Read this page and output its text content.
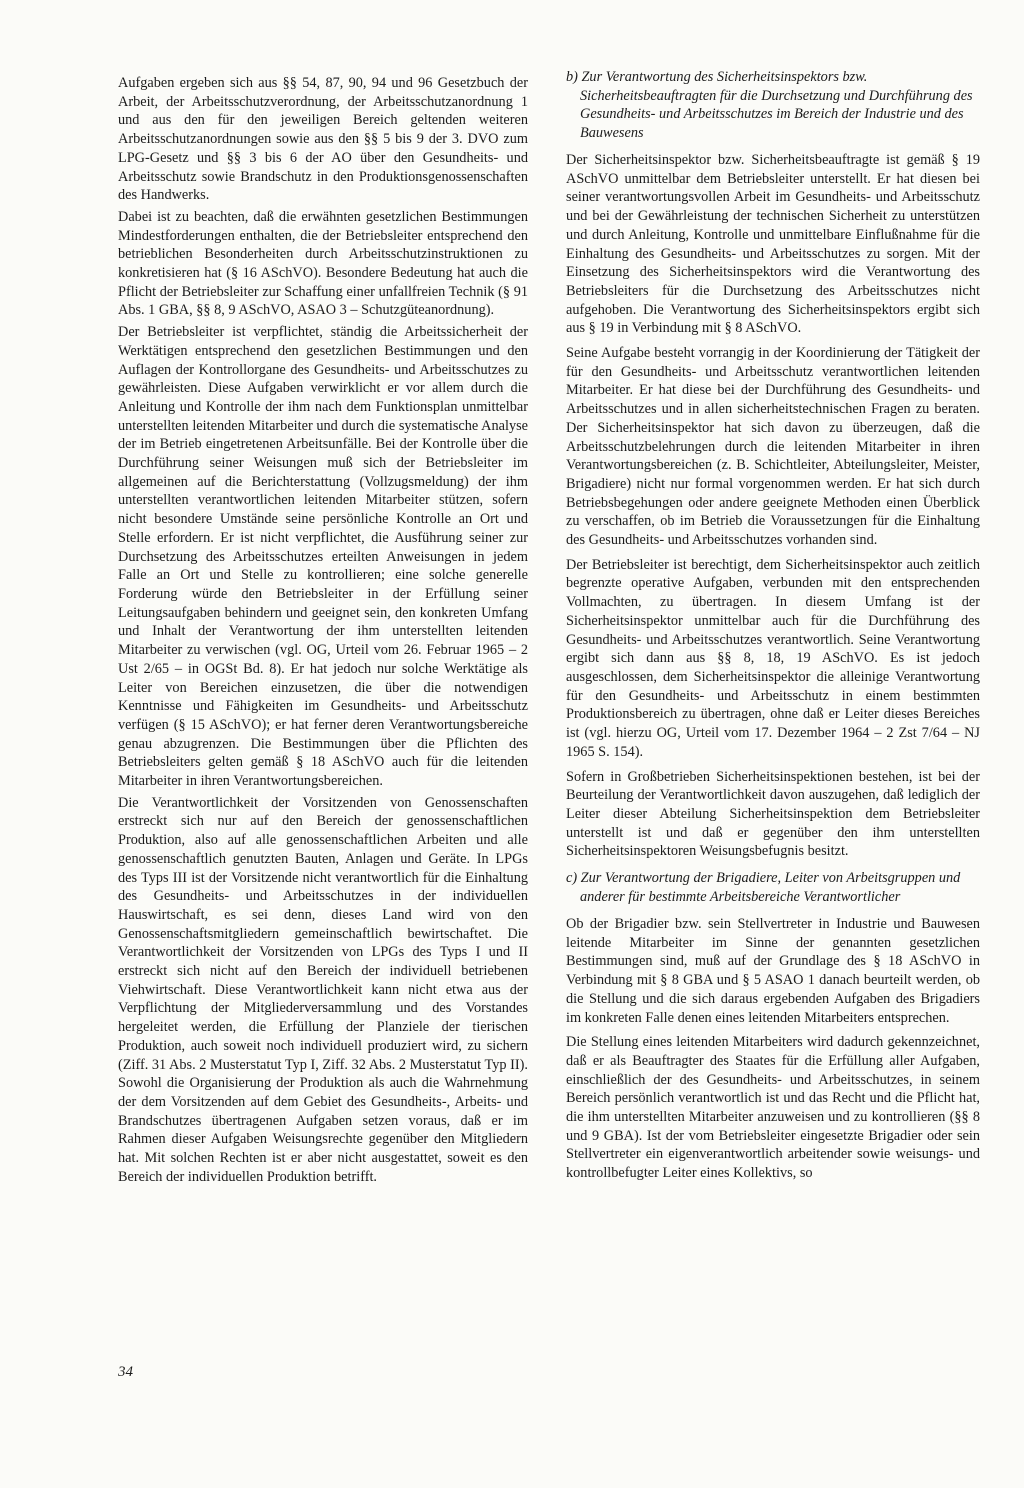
Aufgaben ergeben sich aus §§ 54, 87, 90, 94 und 96 Gesetzbuch der Arbeit, der Arbeitsschutzverordnung, der Arbeitsschutzanordnung 1 und aus den für den jeweiligen Bereich geltenden weiteren Arbeitsschutzanordnungen sowie aus den §§ 5 bis 9 der 3. DVO zum LPG-Gesetz und §§ 3 bis 6 der AO über den Gesundheits- und Arbeitsschutz sowie Brandschutz in den Produktionsgenossenschaften des Handwerks.

Dabei ist zu beachten, daß die erwähnten gesetzlichen Bestimmungen Mindestforderungen enthalten, die der Betriebsleiter entsprechend den betrieblichen Besonderheiten durch Arbeitsschutzinstruktionen zu konkretisieren hat (§ 16 ASchVO). Besondere Bedeutung hat auch die Pflicht der Betriebsleiter zur Schaffung einer unfallfreien Technik (§ 91 Abs. 1 GBA, §§ 8, 9 ASchVO, ASAO 3 – Schutzgüteanordnung).

Der Betriebsleiter ist verpflichtet, ständig die Arbeitssicherheit der Werktätigen entsprechend den gesetzlichen Bestimmungen und den Auflagen der Kontrollorgane des Gesundheits- und Arbeitsschutzes zu gewährleisten. Diese Aufgaben verwirklicht er vor allem durch die Anleitung und Kontrolle der ihm nach dem Funktionsplan unmittelbar unterstellten leitenden Mitarbeiter und durch die systematische Analyse der im Betrieb eingetretenen Arbeitsunfälle. Bei der Kontrolle über die Durchführung seiner Weisungen muß sich der Betriebsleiter im allgemeinen auf die Berichterstattung (Vollzugsmeldung) der ihm unterstellten verantwortlichen leitenden Mitarbeiter stützen, sofern nicht besondere Umstände seine persönliche Kontrolle an Ort und Stelle erfordern. Er ist nicht verpflichtet, die Ausführung seiner zur Durchsetzung des Arbeitsschutzes erteilten Anweisungen in jedem Falle an Ort und Stelle zu kontrollieren; eine solche generelle Forderung würde den Betriebsleiter in der Erfüllung seiner Leitungsaufgaben behindern und geeignet sein, den konkreten Umfang und Inhalt der Verantwortung der ihm unterstellten leitenden Mitarbeiter zu verwischen (vgl. OG, Urteil vom 26. Februar 1965 – 2 Ust 2/65 – in OGSt Bd. 8). Er hat jedoch nur solche Werktätige als Leiter von Bereichen einzusetzen, die über die notwendigen Kenntnisse und Fähigkeiten im Gesundheits- und Arbeitsschutz verfügen (§ 15 ASchVO); er hat ferner deren Verantwortungsbereiche genau abzugrenzen. Die Bestimmungen über die Pflichten des Betriebsleiters gelten gemäß § 18 ASchVO auch für die leitenden Mitarbeiter in ihren Verantwortungsbereichen.

Die Verantwortlichkeit der Vorsitzenden von Genossenschaften erstreckt sich nur auf den Bereich der genossenschaftlichen Produktion, also auf alle genossenschaftlichen Arbeiten und alle genossenschaftlich genutzten Bauten, Anlagen und Geräte. In LPGs des Typs III ist der Vorsitzende nicht verantwortlich für die Einhaltung des Gesundheits- und Arbeitsschutzes in der individuellen Hauswirtschaft, es sei denn, dieses Land wird von den Genossenschaftsmitgliedern gemeinschaftlich bewirtschaftet. Die Verantwortlichkeit der Vorsitzenden von LPGs des Typs I und II erstreckt sich nicht auf den Bereich der individuell betriebenen Viehwirtschaft. Diese Verantwortlichkeit kann nicht etwa aus der Verpflichtung der Mitgliederversammlung und des Vorstandes hergeleitet werden, die Erfüllung der Planziele der tierischen Produktion, auch soweit noch individuell produziert wird, zu sichern (Ziff. 31 Abs. 2 Musterstatut Typ I, Ziff. 32 Abs. 2 Musterstatut Typ II). Sowohl die Organisierung der Produktion als auch die Wahrnehmung der dem Vorsitzenden auf dem Gebiet des Gesundheits-, Arbeits- und Brandschutzes übertragenen Aufgaben setzen voraus, daß er im Rahmen dieser Aufgaben Weisungsrechte gegenüber den Mitgliedern hat. Mit solchen Rechten ist er aber nicht ausgestattet, soweit es den Bereich der individuellen Produktion betrifft.

b) Zur Verantwortung des Sicherheitsinspektors bzw. Sicherheitsbeauftragten für die Durchsetzung und Durchführung des Gesundheits- und Arbeitsschutzes im Bereich der Industrie und des Bauwesens

Der Sicherheitsinspektor bzw. Sicherheitsbeauftragte ist gemäß § 19 ASchVO unmittelbar dem Betriebsleiter unterstellt. Er hat diesen bei seiner verantwortungsvollen Arbeit im Gesundheits- und Arbeitsschutz und bei der Gewährleistung der technischen Sicherheit zu unterstützen und durch Anleitung, Kontrolle und unmittelbare Einflußnahme für die Einhaltung des Gesundheits- und Arbeitsschutzes zu sorgen. Mit der Einsetzung des Sicherheitsinspektors wird die Verantwortung des Betriebsleiters für die Durchsetzung des Arbeitsschutzes nicht aufgehoben. Die Verantwortung des Sicherheitsinspektors ergibt sich aus § 19 in Verbindung mit § 8 ASchVO.

Seine Aufgabe besteht vorrangig in der Koordinierung der Tätigkeit der für den Gesundheits- und Arbeitsschutz verantwortlichen leitenden Mitarbeiter. Er hat diese bei der Durchführung des Gesundheits- und Arbeitsschutzes und in allen sicherheitstechnischen Fragen zu beraten. Der Sicherheitsinspektor hat sich davon zu überzeugen, daß die Arbeitsschutzbelehrungen durch die leitenden Mitarbeiter in ihren Verantwortungsbereichen (z. B. Schichtleiter, Abteilungsleiter, Meister, Brigadiere) nicht nur formal vorgenommen werden. Er hat sich durch Betriebsbegehungen oder andere geeignete Methoden einen Überblick zu verschaffen, ob im Betrieb die Voraussetzungen für die Einhaltung des Gesundheits- und Arbeitsschutzes vorhanden sind.

Der Betriebsleiter ist berechtigt, dem Sicherheitsinspektor auch zeitlich begrenzte operative Aufgaben, verbunden mit den entsprechenden Vollmachten, zu übertragen. In diesem Umfang ist der Sicherheitsinspektor unmittelbar auch für die Durchführung des Gesundheits- und Arbeitsschutzes verantwortlich. Seine Verantwortung ergibt sich dann aus §§ 8, 18, 19 ASchVO. Es ist jedoch ausgeschlossen, dem Sicherheitsinspektor die alleinige Verantwortung für den Gesundheits- und Arbeitsschutz in einem bestimmten Produktionsbereich zu übertragen, ohne daß er Leiter dieses Bereiches ist (vgl. hierzu OG, Urteil vom 17. Dezember 1964 – 2 Zst 7/64 – NJ 1965 S. 154).

Sofern in Großbetrieben Sicherheitsinspektionen bestehen, ist bei der Beurteilung der Verantwortlichkeit davon auszugehen, daß lediglich der Leiter dieser Abteilung Sicherheitsinspektion dem Betriebsleiter unterstellt ist und daß er gegenüber den ihm unterstellten Sicherheitsinspektoren Weisungsbefugnis besitzt.

c) Zur Verantwortung der Brigadiere, Leiter von Arbeitsgruppen und anderer für bestimmte Arbeitsbereiche Verantwortlicher

Ob der Brigadier bzw. sein Stellvertreter in Industrie und Bauwesen leitende Mitarbeiter im Sinne der genannten gesetzlichen Bestimmungen sind, muß auf der Grundlage des § 18 ASchVO in Verbindung mit § 8 GBA und § 5 ASAO 1 danach beurteilt werden, ob die Stellung und die sich daraus ergebenden Aufgaben des Brigadiers im konkreten Falle denen eines leitenden Mitarbeiters entsprechen.

Die Stellung eines leitenden Mitarbeiters wird dadurch gekennzeichnet, daß er als Beauftragter des Staates für die Erfüllung aller Aufgaben, einschließlich der des Gesundheits- und Arbeitsschutzes, in seinem Bereich persönlich verantwortlich ist und das Recht und die Pflicht hat, die ihm unterstellten Mitarbeiter anzuweisen und zu kontrollieren (§§ 8 und 9 GBA). Ist der vom Betriebsleiter eingesetzte Brigadier oder sein Stellvertreter ein eigenverantwortlich arbeitender sowie weisungs- und kontrollbefugter Leiter eines Kollektivs, so

34
